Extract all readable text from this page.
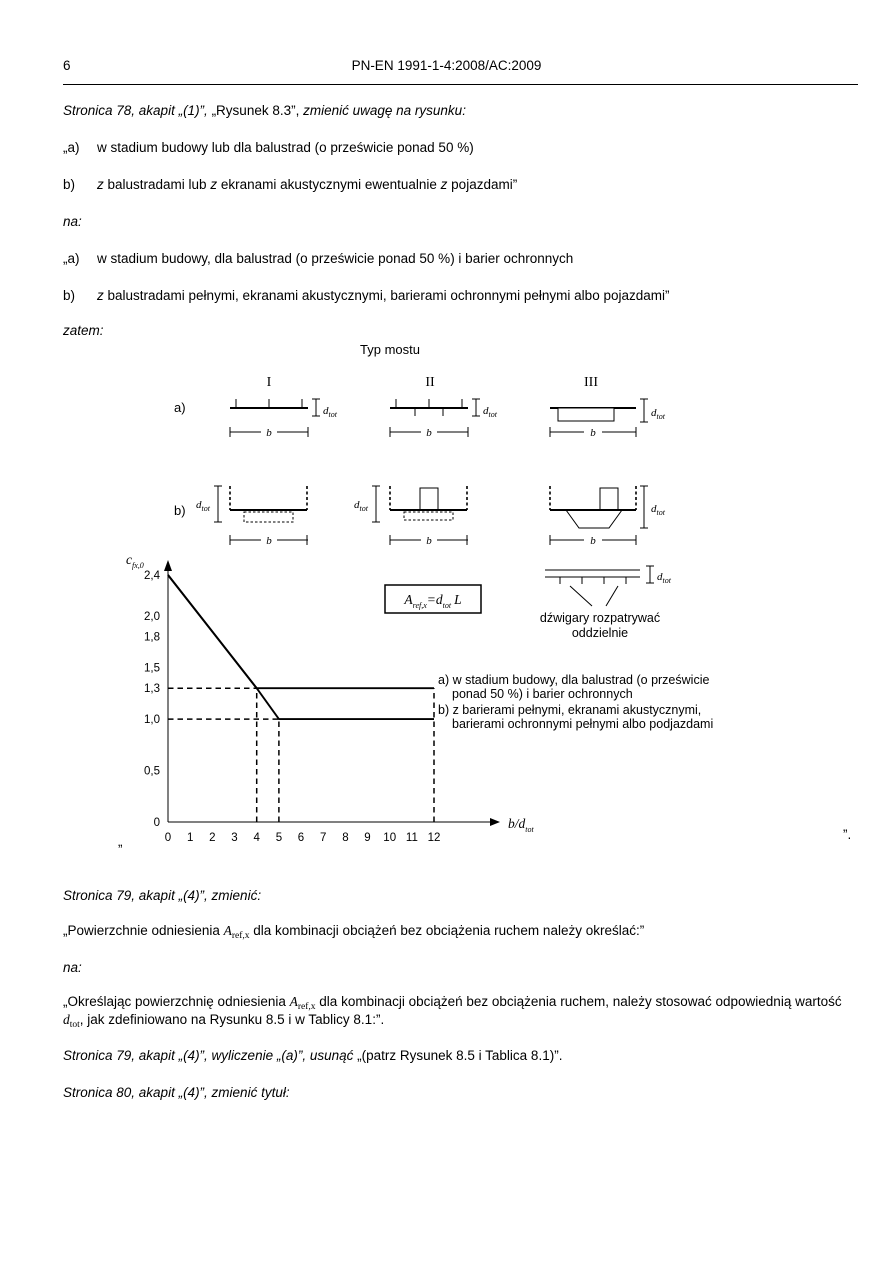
6	PN-EN 1991-1-4:2008/AC:2009
Stronica 78, akapit „(1)”, „Rysunek 8.3”, zmienić uwagę na rysunku:
„a)	w stadium budowy lub dla balustrad (o prześwicie ponad 50 %)
b)	z balustradami lub z ekranami akustycznymi ewentualnie z pojazdami”
na:
„a)	w stadium budowy, dla balustrad (o prześwicie ponad 50 %) i barier ochronnych
b)	z balustradami pełnymi, ekranami akustycznymi, barierami ochronnymi pełnymi albo pojazdami”
zatem:
Typ mostu
I	II	III
a)
b)
$d_{tot}$
b
$d_{tot}$
b
$d_{tot}$
b
$d_{tot}$
b
$d_{tot}$
b
$d_{tot}$
b
$d_{tot}$
dźwigary rozpatrywać
oddzielnie
$A_{ref,x}=d_{tot}$ L
$c_{fx,0}$
$b/d_{tot}$
0 1 2 3 4 5 6 7 8 9 10 11 12
0
0,5
1,0
1,3
1,5
1,8
2,0
2,4
a) w stadium budowy, dla balustrad (o prześwicie
ponad 50 %) i barier ochronnych
b) z barierami pełnymi, ekranami akustycznymi,
barierami ochronnymi pełnymi albo podjazdami
„	”.
Stronica 79, akapit „(4)”, zmienić:
„Powierzchnie odniesienia $A_{ref,x}$ dla kombinacji obciążeń bez obciążenia ruchem należy określać:”
na:
„Określając powierzchnię odniesienia $A_{ref,x}$ dla kombinacji obciążeń bez obciążenia ruchem, należy stosować odpowiednią wartość $d_{tot}$, jak zdefiniowano na Rysunku 8.5 i w Tablicy 8.1:”.
Stronica 79, akapit „(4)”, wyliczenie „(a)”, usunąć „(patrz Rysunek 8.5 i Tablica 8.1)”.
Stronica 80, akapit „(4)”, zmienić tytuł:
